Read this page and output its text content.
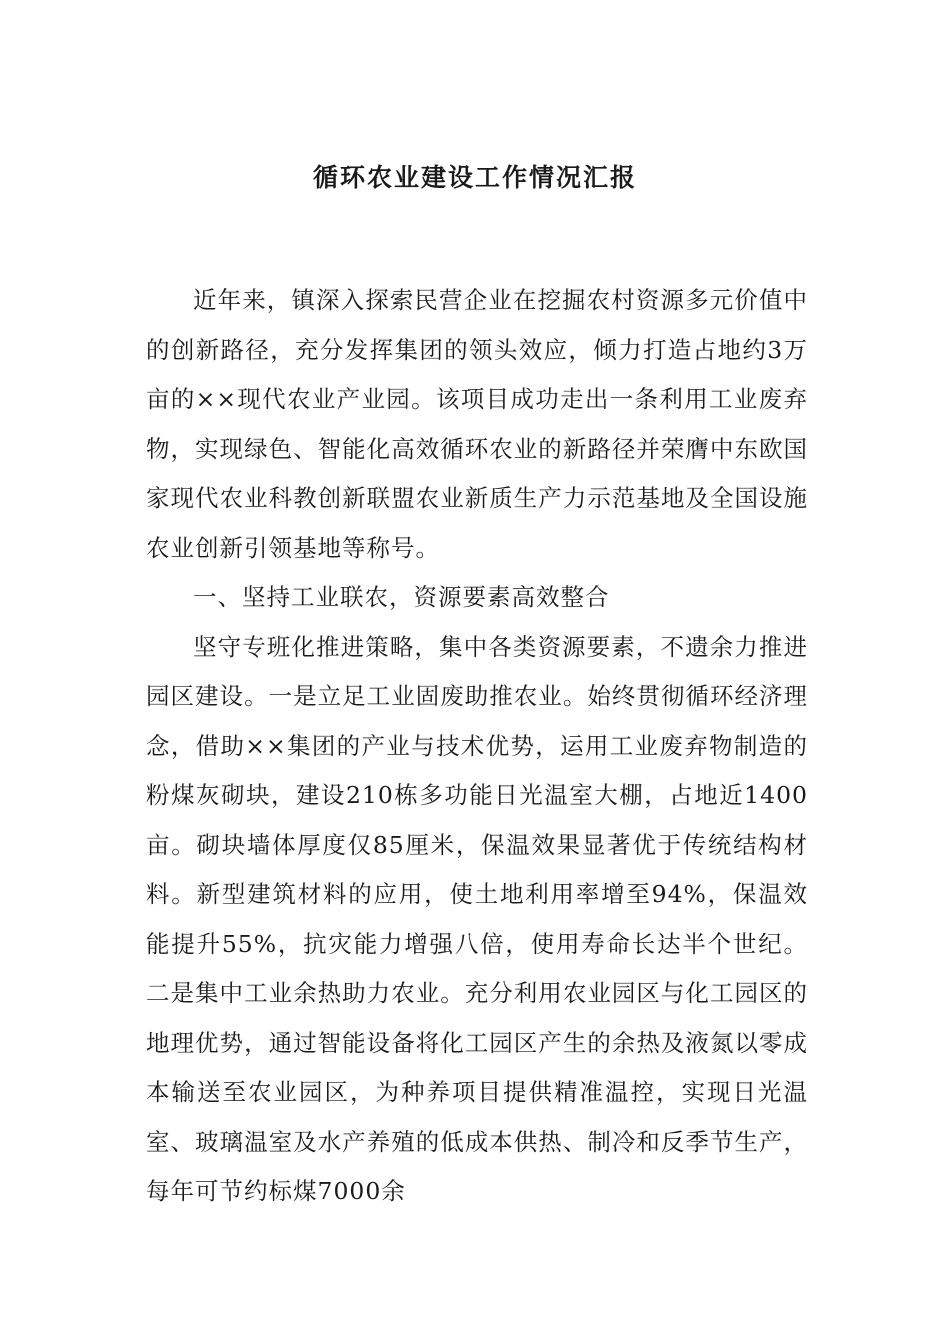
循环农业建设工作情况汇报

近年来，镇深入探索民营企业在挖掘农村资源多元价值中的创新路径，充分发挥集团的领头效应，倾力打造占地约3万亩的××现代农业产业园。该项目成功走出一条利用工业废弃物，实现绿色、智能化高效循环农业的新路径并荣膺中东欧国家现代农业科教创新联盟农业新质生产力示范基地及全国设施农业创新引领基地等称号。

一、坚持工业联农，资源要素高效整合

坚守专班化推进策略，集中各类资源要素，不遗余力推进园区建设。一是立足工业固废助推农业。始终贯彻循环经济理念，借助××集团的产业与技术优势，运用工业废弃物制造的粉煤灰砌块，建设210栋多功能日光温室大棚，占地近1400亩。砌块墙体厚度仅85厘米，保温效果显著优于传统结构材料。新型建筑材料的应用，使土地利用率增至94%，保温效能提升55%，抗灾能力增强八倍，使用寿命长达半个世纪。二是集中工业余热助力农业。充分利用农业园区与化工园区的地理优势，通过智能设备将化工园区产生的余热及液氮以零成本输送至农业园区，为种养项目提供精准温控，实现日光温室、玻璃温室及水产养殖的低成本供热、制冷和反季节生产，每年可节约标煤7000余
